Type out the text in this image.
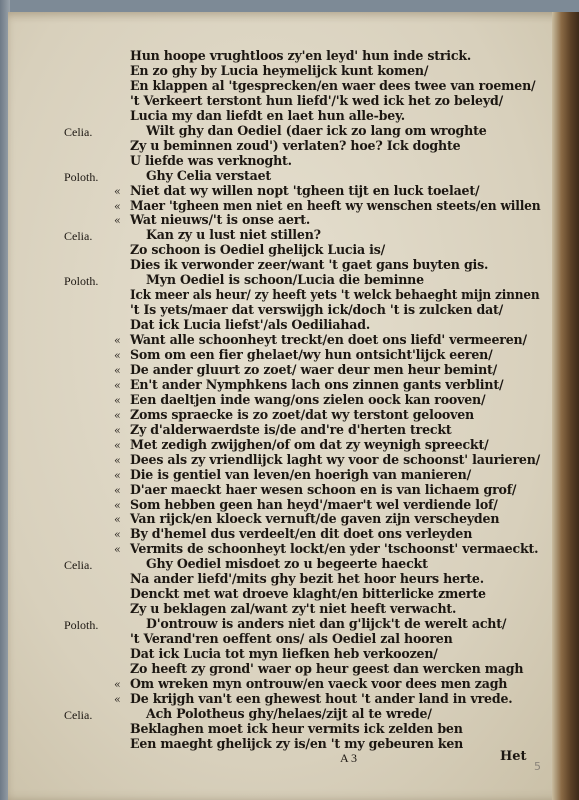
Hun hoope vrughtloos zy'en leyd' hun inde strick.
En zo ghy by Lucia heymelijck kunt komen/
En klappen al 'tgesprecken/en waer dees twee van roemen/
't Verkeert terstont hun liefd'/'k wed ick het zo beleyd/
Lucia my dan liefdt en laet hun alle-bey.
Celia.	Wilt ghy dan Oediel (daer ick zo lang om wroghte
Zy u beminnen zoud') verlaten? hoe? Ick doghte
U liefde was verknoght.
Poloth.	Ghy Celia verstaet
« Niet dat wy willen nopt 'tgheen tijt en luck toelaet/
« Maer 'tgheen men niet en heeft wy wenschen steets/en willen
« Wat nieuws/'t is onse aert.
Celia.	Kan zy u lust niet stillen?
Zo schoon is Oediel ghelijck Lucia is/
Dies ik verwonder zeer/want 't gaet gans buyten gis.
Poloth.	Myn Oediel is schoon/Lucia die beminne
Ick meer als heur/ zy heeft yets 't welck behaeght mijn zinnen
't Is yets/maer dat verswijgh ick/doch 't is zulcken dat/
Dat ick Lucia liefst'/als Oediliahad.
« Want alle schoonheyt treckt/en doet ons liefd' vermeeren/
« Som om een fier ghelaet/wy hun ontsicht'lijck eeren/
« De ander gluurt zo zoet/ waer deur men heur bemint/
« En't ander Nymphkens lach ons zinnen gants verblint/
« Een daeltjen inde wang/ons zielen oock kan rooven/
« Zoms spraecke is zo zoet/dat wy terstont gelooven
« Zy d'alderwaerdste is/de and're d'herten treckt
« Met zedigh zwijghen/of om dat zy weynigh spreeckt/
« Dees als zy vriendlijck laght wy voor de schoonst' laurieren/
« Die is gentiel van leven/en hoerigh van manieren/
« D'aer maeckt haer wesen schoon en is van lichaem grof/
« Som hebben geen han heyd'/maer't wel verdiende lof/
« Van rijck/en kloeck vernuft/de gaven zijn verscheyden
« By d'hemel dus verdeelt/en dit doet ons verleyden
« Vermits de schoonheyt lockt/en yder 'tschoonst' vermaeckt.
Celia.	Ghy Oediel misdoet zo u begeerte haeckt
Na ander liefd'/mits ghy bezit het hoor heurs herte.
Denckt met wat droeve klaght/en bitterlicke zmerte
Zy u beklagen zal/want zy't niet heeft verwacht.
Poloth.	D'ontrouw is anders niet dan g'lijck't de werelt acht/
't Verand'ren oeffent ons/ als Oediel zal hooren
Dat ick Lucia tot myn liefken heb verkoozen/
Zo heeft zy grond' waer op heur geest dan wercken magh
« Om wreken myn ontrouw/en vaeck voor dees men zagh
« De krijgh van't een ghewest hout 't ander land in vrede.
Celia.	Ach Polotheus ghy/helaes/zijt al te wrede/
Beklaghen moet ick heur vermits ick zelden ben
Een maeght ghelijck zy is/en 't my gebeuren ken
A 3	Het
5
